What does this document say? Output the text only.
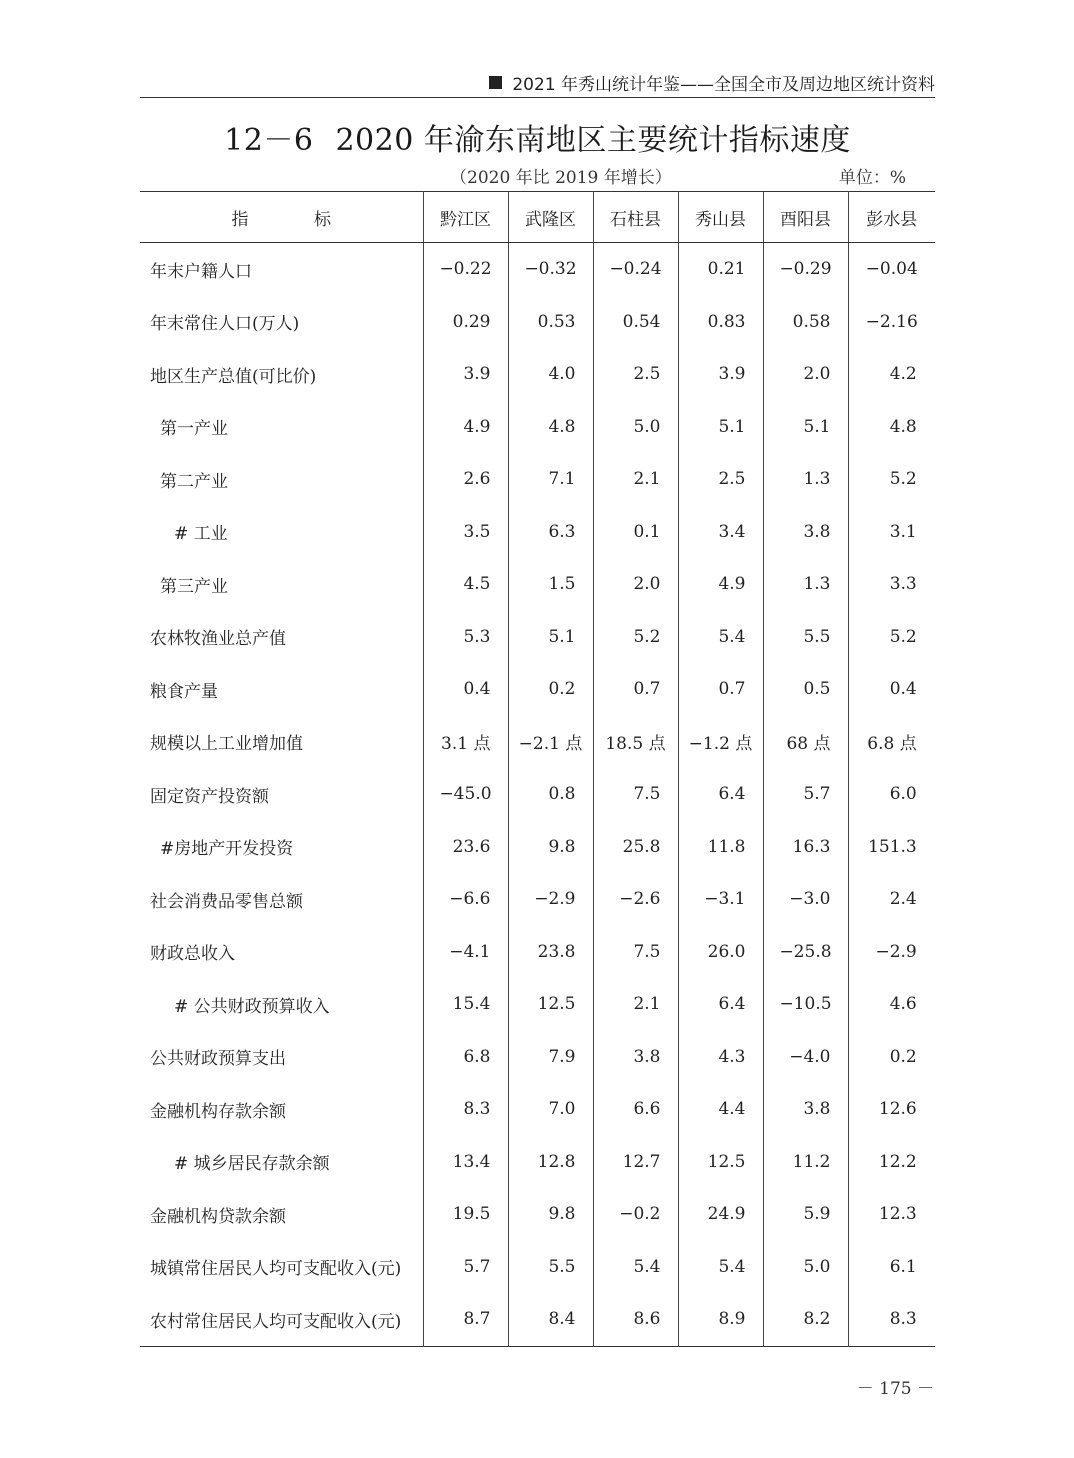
2021 年秀山统计年鉴——全国全市及周边地区统计资料
12－6 2020 年渝东南地区主要统计指标速度
（2020 年比 2019 年增长）	单位：%
指 标	黔江区	武隆区	石柱县	秀山县	酉阳县	彭水县
年末户籍人口	−0.22	−0.32	−0.24	0.21	−0.29	−0.04
年末常住人口(万人)	0.29	0.53	0.54	0.83	0.58	−2.16
地区生产总值(可比价)	3.9	4.0	2.5	3.9	2.0	4.2
第一产业	4.9	4.8	5.0	5.1	5.1	4.8
第二产业	2.6	7.1	2.1	2.5	1.3	5.2
# 工业	3.5	6.3	0.1	3.4	3.8	3.1
第三产业	4.5	1.5	2.0	4.9	1.3	3.3
农林牧渔业总产值	5.3	5.1	5.2	5.4	5.5	5.2
粮食产量	0.4	0.2	0.7	0.7	0.5	0.4
规模以上工业增加值	3.1 点	−2.1 点	18.5 点	−1.2 点	68 点	6.8 点
固定资产投资额	−45.0	0.8	7.5	6.4	5.7	6.0
#房地产开发投资	23.6	9.8	25.8	11.8	16.3	151.3
社会消费品零售总额	−6.6	−2.9	−2.6	−3.1	−3.0	2.4
财政总收入	−4.1	23.8	7.5	26.0	−25.8	−2.9
# 公共财政预算收入	15.4	12.5	2.1	6.4	−10.5	4.6
公共财政预算支出	6.8	7.9	3.8	4.3	−4.0	0.2
金融机构存款余额	8.3	7.0	6.6	4.4	3.8	12.6
# 城乡居民存款余额	13.4	12.8	12.7	12.5	11.2	12.2
金融机构贷款余额	19.5	9.8	−0.2	24.9	5.9	12.3
城镇常住居民人均可支配收入(元)	5.7	5.5	5.4	5.4	5.0	6.1
农村常住居民人均可支配收入(元)	8.7	8.4	8.6	8.9	8.2	8.3
－ 175 －
